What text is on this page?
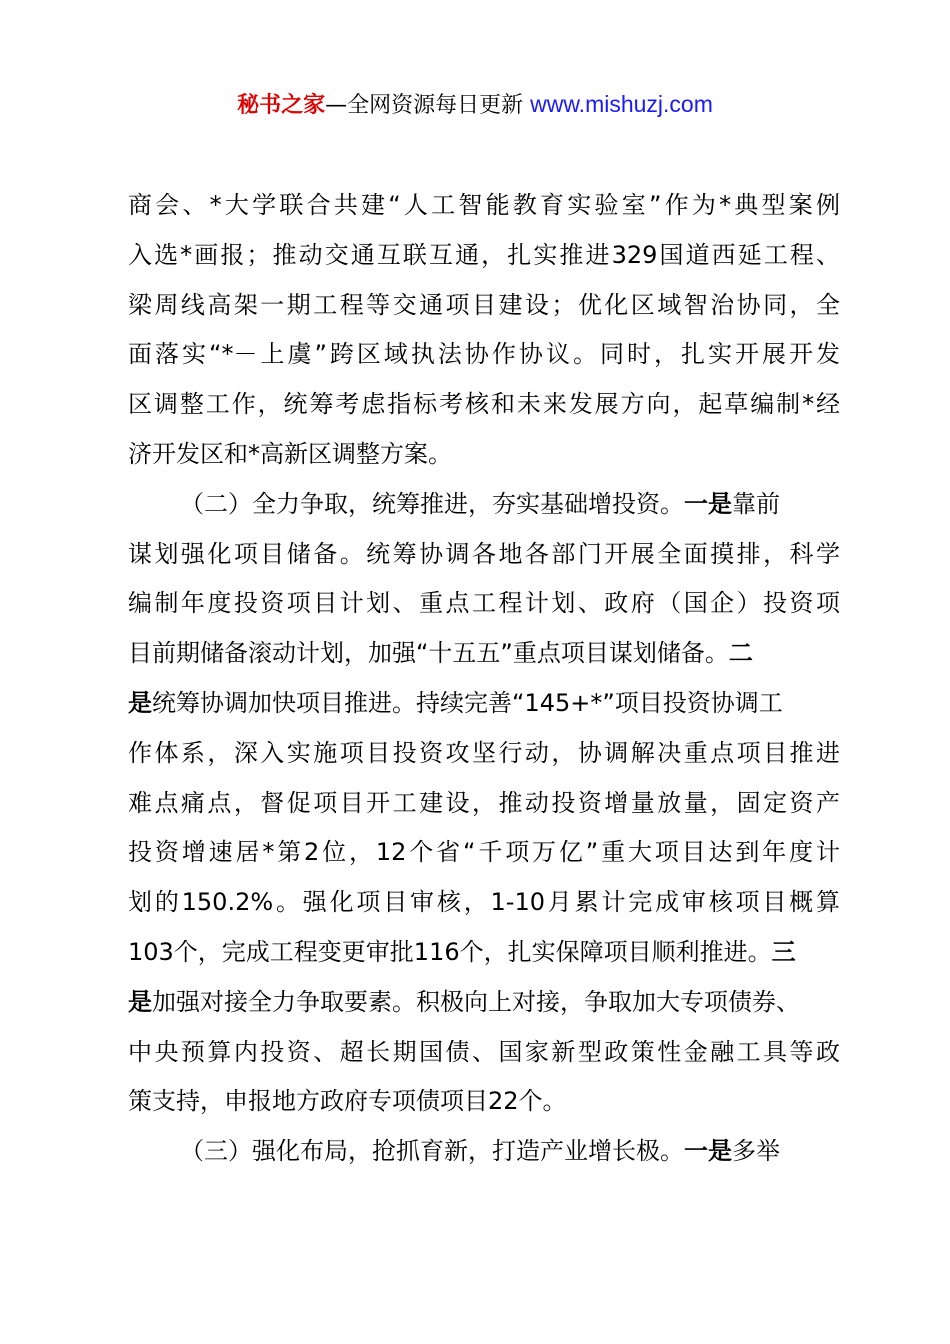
秘书之家—全网资源每日更新 www.mishuzj.com
商会、*大学联合共建“人工智能教育实验室”作为*典型案例
入选*画报；推动交通互联互通，扎实推进329国道西延工程、
梁周线高架一期工程等交通项目建设；优化区域智治协同，全
面落实“*－上虞”跨区域执法协作协议。同时，扎实开展开发
区调整工作，统筹考虑指标考核和未来发展方向，起草编制*经
济开发区和*高新区调整方案。
（二）全力争取，统筹推进，夯实基础增投资。一是靠前
谋划强化项目储备。统筹协调各地各部门开展全面摸排，科学
编制年度投资项目计划、重点工程计划、政府（国企）投资项
目前期储备滚动计划，加强“十五五”重点项目谋划储备。二
是统筹协调加快项目推进。持续完善“145+*”项目投资协调工
作体系，深入实施项目投资攻坚行动，协调解决重点项目推进
难点痛点，督促项目开工建设，推动投资增量放量，固定资产
投资增速居*第2位，12个省“千项万亿”重大项目达到年度计
划的150.2%。强化项目审核，1-10月累计完成审核项目概算
103个，完成工程变更审批116个，扎实保障项目顺利推进。三
是加强对接全力争取要素。积极向上对接，争取加大专项债券、
中央预算内投资、超长期国债、国家新型政策性金融工具等政
策支持，申报地方政府专项债项目22个。
（三）强化布局，抢抓育新，打造产业增长极。一是多举
